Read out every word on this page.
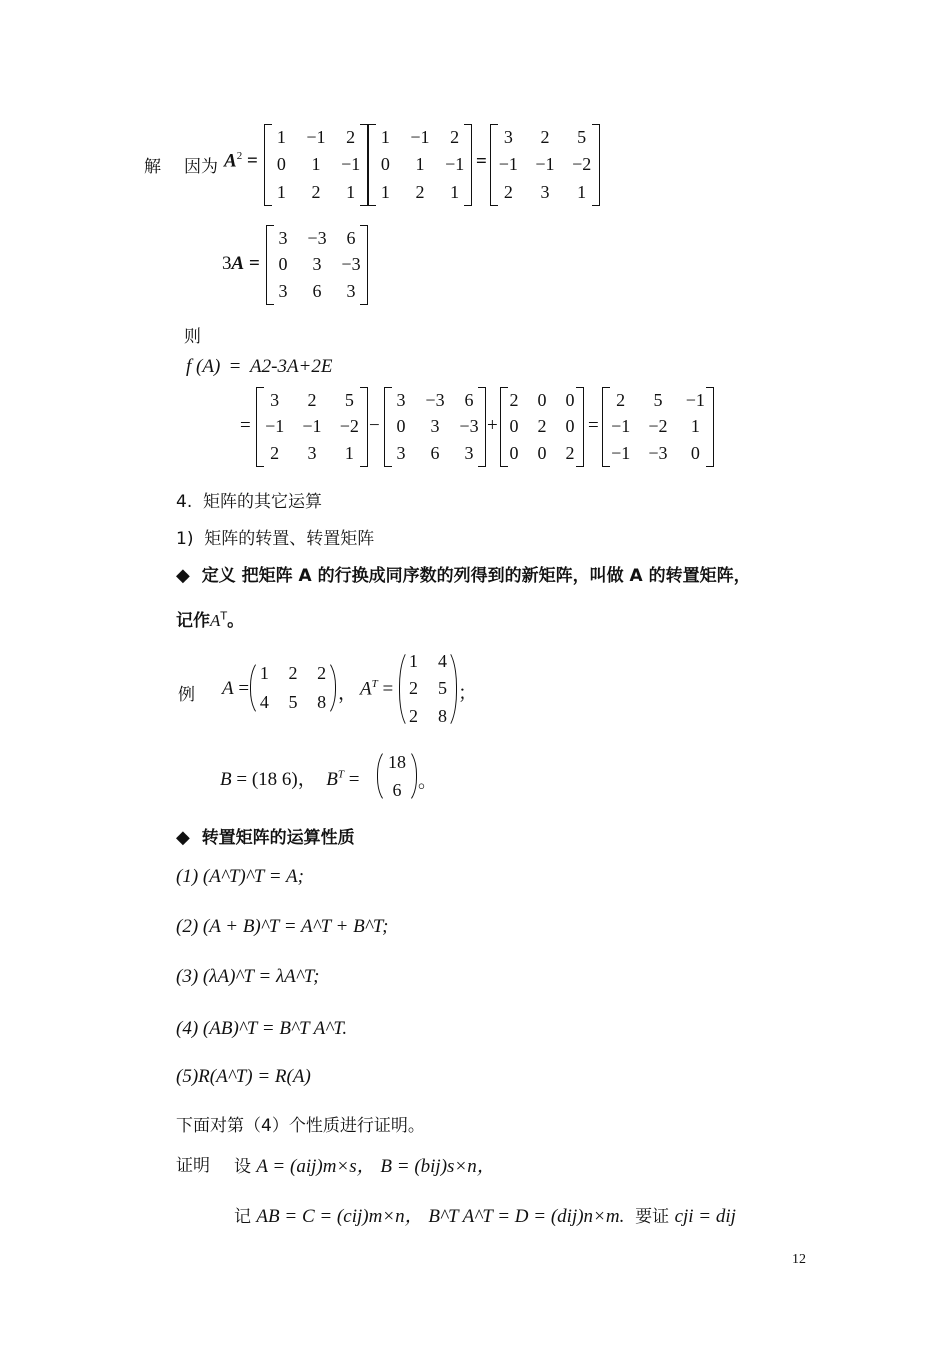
解 因为 $A^2$ =
1	−1	2
0	1	−1
1	2	1
1	−1	2
0	1	−1
1	2	1
=
3	2	5
−1 −1 −2
2	3	1
3A =
3	−3	6
0	3	−3
3	6	3
则
f (A) = A2-3A+2E
=
3	2	5
−1	−1	−2
2	3	1
−
3	−3	6
0	3	−3
3	6	3
+
2	0	0
0	2	0
0	0	2
=
2	5	−1
−1	−2	1
−1	−3	0
4. 矩阵的其它运算
1) 矩阵的转置、转置矩阵
◆ 定义 把矩阵 A 的行换成同序数的列得到的新矩阵，叫做 A 的转置矩阵，
记作$A^T$。
例 A =
1	2	2
4	5	8 ， $A^T$ =
1	4
2	5
2	8
；
B = (18 6)， $B^T$ =
18
6 。
◆ 转置矩阵的运算性质
(1) (A^T)^T = A;
(2) (A + B)^T = A^T + B^T;
(3) (λA)^T = λA^T;
(4) (AB)^T = B^T A^T.
(5)R(A^T) = R(A)
下面对第（4）个性质进行证明。
证明 设 A = (aij)m×s， B = (bij)s×n，
记 AB = C = (cij)m×n， B^T A^T = D = (dij)n×m. 要证 cji = dij
12
